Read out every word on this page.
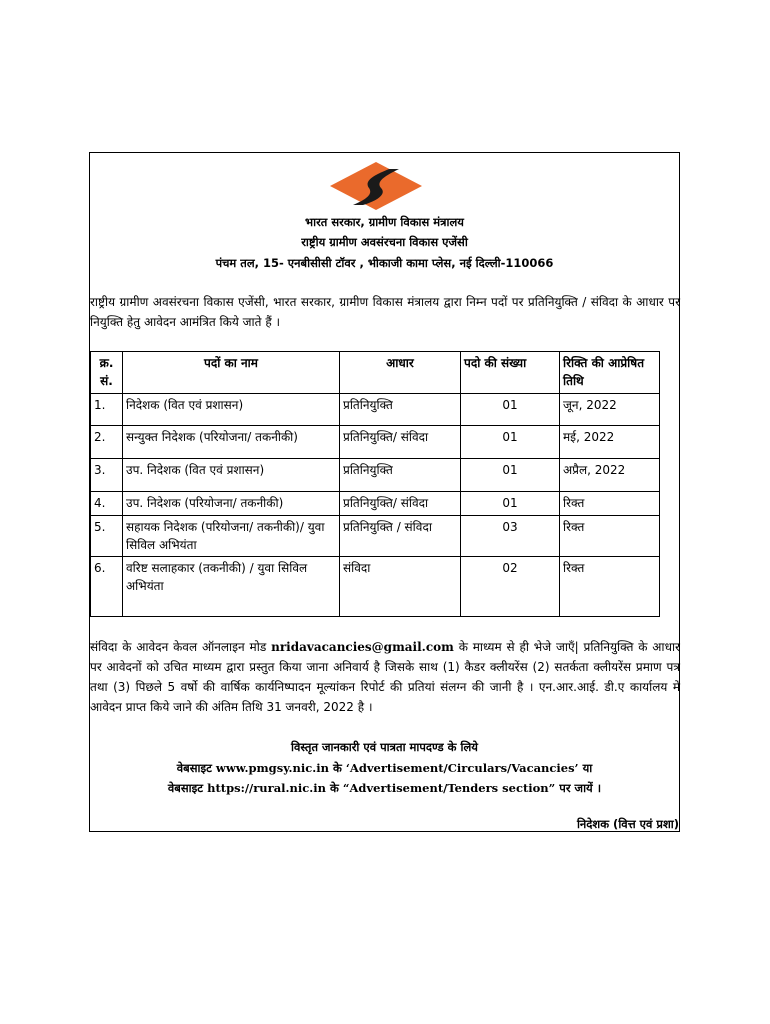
भारत सरकार, ग्रामीण विकास मंत्रालय
राष्ट्रीय ग्रामीण अवसंरचना विकास एजेंसी
पंचम तल, 15- एनबीसीसी टॉवर , भीकाजी कामा प्लेस, नई दिल्ली-110066
राष्ट्रीय ग्रामीण अवसंरचना विकास एजेंसी, भारत सरकार, ग्रामीण विकास मंत्रालय द्वारा निम्न पदों पर प्रतिनियुक्ति / संविदा के आधार पर नियुक्ति हेतु आवेदन आमंत्रित किये जाते हैं ।
क्र. सं.	पदों का नाम	आधार	पदो की संख्या	रिक्ति की आप्रेषित तिथि
1.	निदेशक (वित एवं प्रशासन)	प्रतिनियुक्ति	01	जून, 2022
2.	सन्युक्त निदेशक (परियोजना/ तकनीकी)	प्रतिनियुक्ति/ संविदा	01	मई, 2022
3.	उप. निदेशक (वित एवं प्रशासन)	प्रतिनियुक्ति	01	अप्रैल, 2022
4.	उप. निदेशक (परियोजना/ तकनीकी)	प्रतिनियुक्ति/ संविदा	01	रिक्त
5.	सहायक निदेशक (परियोजना/ तकनीकी)/ युवा सिविल अभियंता	प्रतिनियुक्ति / संविदा	03	रिक्त
6.	वरिष्ट सलाहकार (तकनीकी) / युवा सिविल अभियंता	संविदा	02	रिक्त
संविदा के आवेदन केवल ऑनलाइन मोड nridavacancies@gmail.com के माध्यम से ही भेजे जाएँ| प्रतिनियुक्ति के आधार पर आवेदनों को उचित माध्यम द्वारा प्रस्तुत किया जाना अनिवार्य है जिसके साथ (1) कैडर क्लीयरेंस (2) सतर्कता क्लीयरेंस प्रमाण पत्र तथा (3) पिछले 5 वर्षो की वार्षिक कार्यनिष्पादन मूल्यांकन रिपोर्ट की प्रतियां संलग्न की जानी है । एन.आर.आई. डी.ए कार्यालय में आवेदन प्राप्त किये जाने की अंतिम तिथि 31 जनवरी, 2022 है ।
विस्तृत जानकारी एवं पात्रता मापदण्ड के लिये
वेबसाइट www.pmgsy.nic.in के ‘Advertisement/Circulars/Vacancies’ या
वेबसाइट https://rural.nic.in के “Advertisement/Tenders section” पर जायें ।
निदेशक (वित्त एवं प्रशा)
